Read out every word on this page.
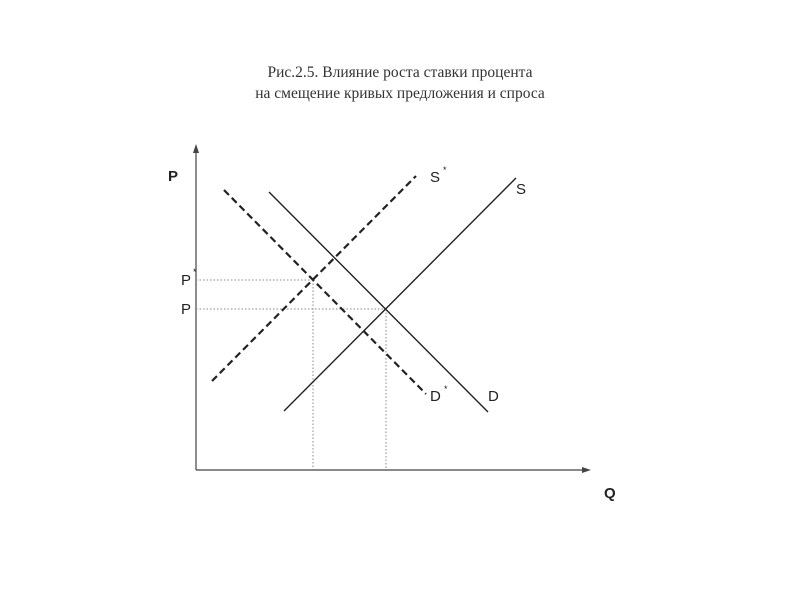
Рис.2.5. Влияние роста ставки процента
на смещение кривых предложения и спроса
P
Q
P *
P
S *
S
D *	D
